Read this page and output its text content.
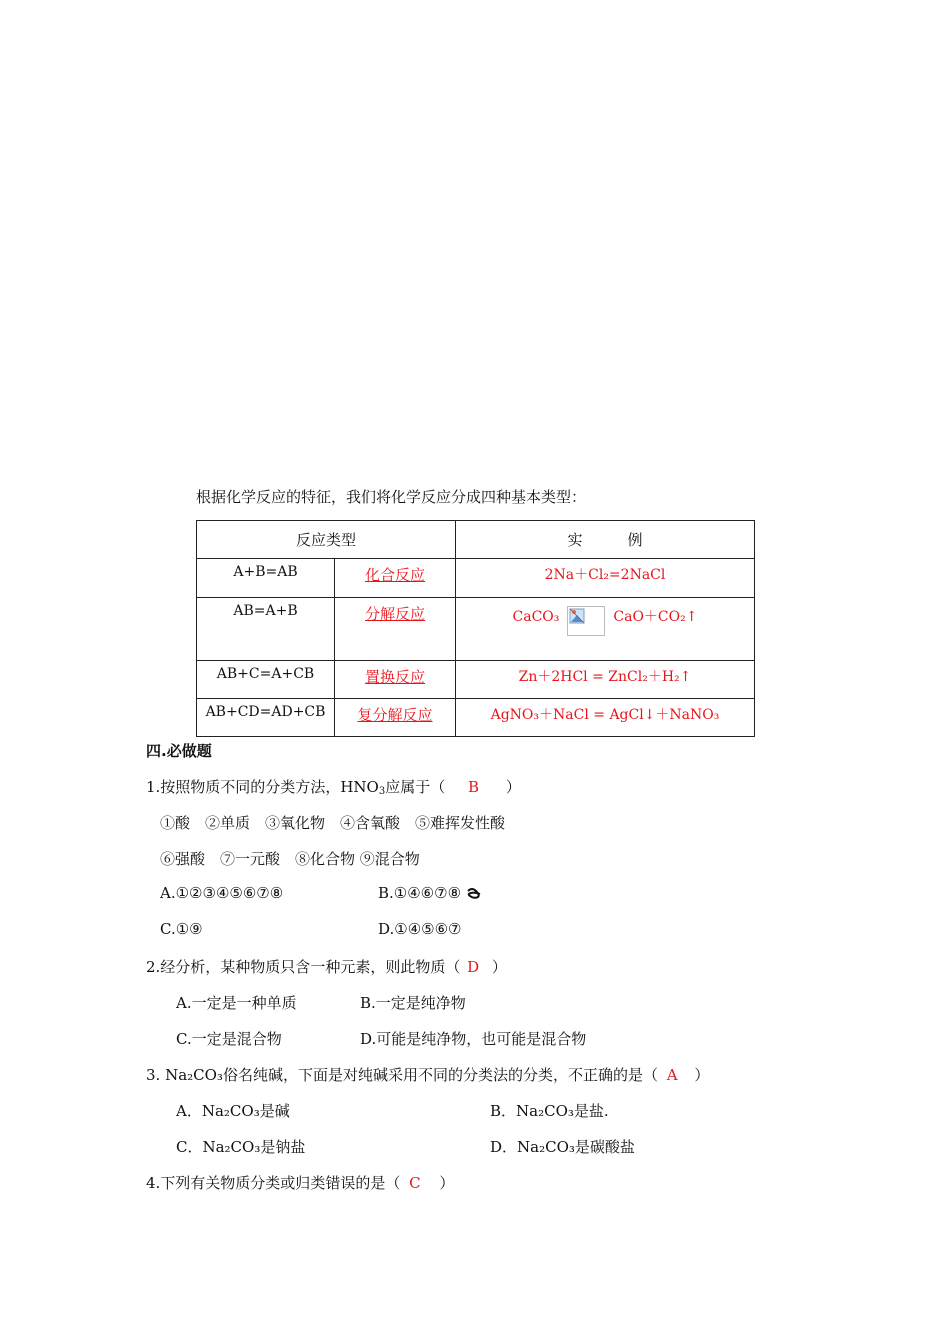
根据化学反应的特征，我们将化学反应分成四种基本类型：
反应类型		实　　　例

A+B=AB	化合反应	2Na＋Cl₂=2NaCl

AB=A+B	分解反应	CaCO₃ CaO＋CO₂↑

AB+C=A+CB	置换反应	Zn＋2HCl = ZnCl₂＋H₂↑

AB+CD=AD+CB	复分解反应	AgNO₃＋NaCl = AgCl↓＋NaNO₃
四.必做题
1.按照物质不同的分类方法，$HNO_3$应属于（ B ）
①酸　②单质　③氧化物　④含氧酸　⑤难挥发性酸
⑥强酸　⑦一元酸　⑧化合物 ⑨混合物
A.①②③④⑤⑥⑦⑧	B.①④⑥⑦⑧
C.①⑨	D.①④⑤⑥⑦
2.经分析，某种物质只含一种元素，则此物质（ D ）
A.一定是一种单质	B.一定是纯净物
C.一定是混合物	D.可能是纯净物，也可能是混合物
3. Na₂CO₃俗名纯碱，下面是对纯碱采用不同的分类法的分类，不正确的是（ A ）
A．Na₂CO₃是碱	B．Na₂CO₃是盐.
C．Na₂CO₃是钠盐	D．Na₂CO₃是碳酸盐
4.下列有关物质分类或归类错误的是（ C ）
